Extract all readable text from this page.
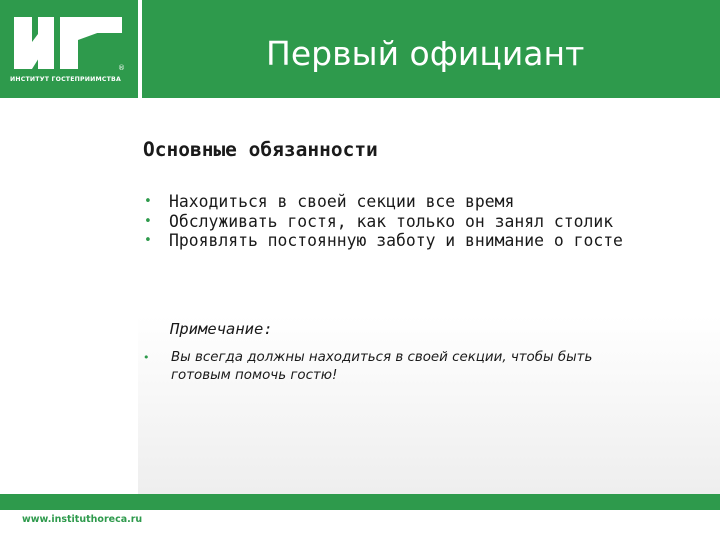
®
ИНСТИТУТ ГОСТЕПРИИМСТВА
Первый официант
Основные обязанности
• Находиться в своей секции все время
• Обслуживать гостя, как только он занял столик
• Проявлять постоянную заботу и внимание о госте
Примечание:
•	Вы всегда должны находиться в своей секции, чтобы быть готовым помочь гостю!
www.instituthoreca.ru
